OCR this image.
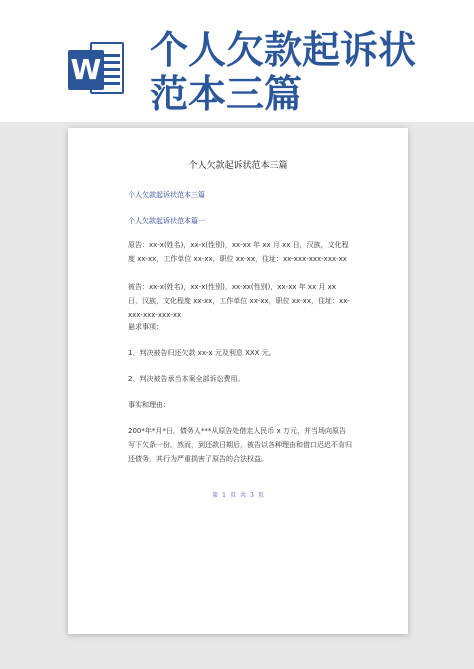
W 个人欠款起诉状范本三篇
个人欠款起诉状范本三篇
个人欠款起诉状范本三篇
个人欠款起诉状范本篇一
原告：xx-x(姓名)，xx-x(性别)，xx-xx 年 xx 月 xx 日，汉族，文化程度 xx-xx，工作单位 xx-xx，职位 xx-xx，住址：xx-xxx-xxx-xxx-xx
被告：xx-x(姓名)，xx-x(性别)，xx-xx(性别)，xx-xx 年 xx 月 xx 日，汉族，文化程度 xx-xx，工作单位 xx-xx，职位 xx-xx，住址：xx-xxx-xxx-xxx-xx
悬求事项：
1、判决被告归还欠款 xx-x 元及利息 XXX 元。
2、判决被告承当本案全部诉讼费用。
事实和理由：
200*年*月*日，债务人***从原告处借走人民币 x 万元，并当场向原告写下欠条一份。然而，到还款日期后，被告以各种理由和借口迟迟不肯归还债务，其行为严重损害了原告的合法权益。
第 1 页 共 3 页
